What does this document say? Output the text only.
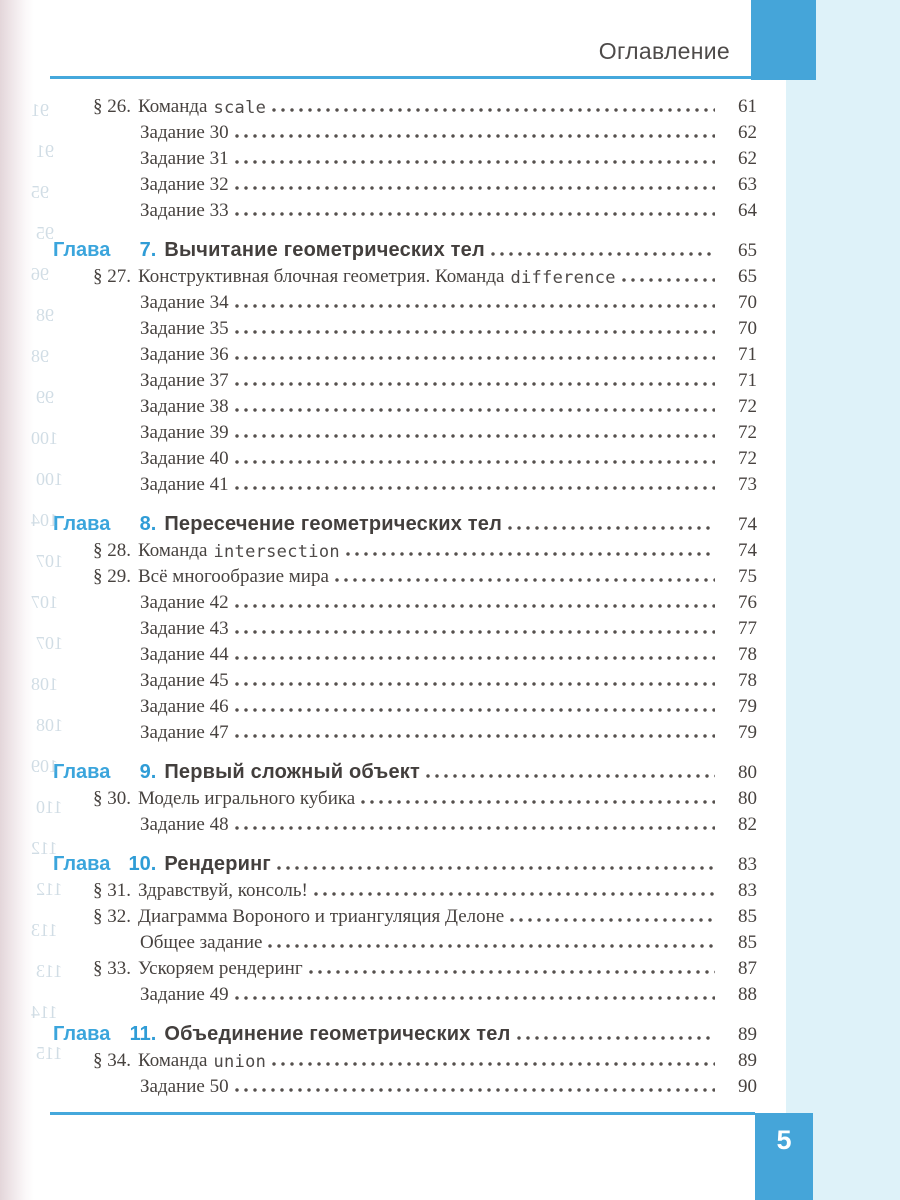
Оглавление
§ 26. Команда scale	61
Задание 30	62
Задание 31	62
Задание 32	63
Задание 33	64
Глава	7. Вычитание геометрических тел	65
§ 27. Конструктивная блочная геометрия. Команда difference	65
Задание 34	70
Задание 35	70
Задание 36	71
Задание 37	71
Задание 38	72
Задание 39	72
Задание 40	72
Задание 41	73
Глава	8. Пересечение геометрических тел	74
§ 28. Команда intersection	74
§ 29. Всё многообразие мира	75
Задание 42	76
Задание 43	77
Задание 44	78
Задание 45	78
Задание 46	79
Задание 47	79
Глава	9. Первый сложный объект	80
§ 30. Модель игрального кубика	80
Задание 48	82
Глава 10. Рендеринг	83
§ 31. Здравствуй, консоль!	83
§ 32. Диаграмма Вороного и триангуляция Делоне	85
Общее задание	85
§ 33. Ускоряем рендеринг	87
Задание 49	88
Глава 11. Объединение геометрических тел	89
§ 34. Команда union	89
Задание 50	90
5
91
91
95
95
96
98
98
99
100
100
104
107
107
107
108
108
109
110
112
112
113
113
114
115
